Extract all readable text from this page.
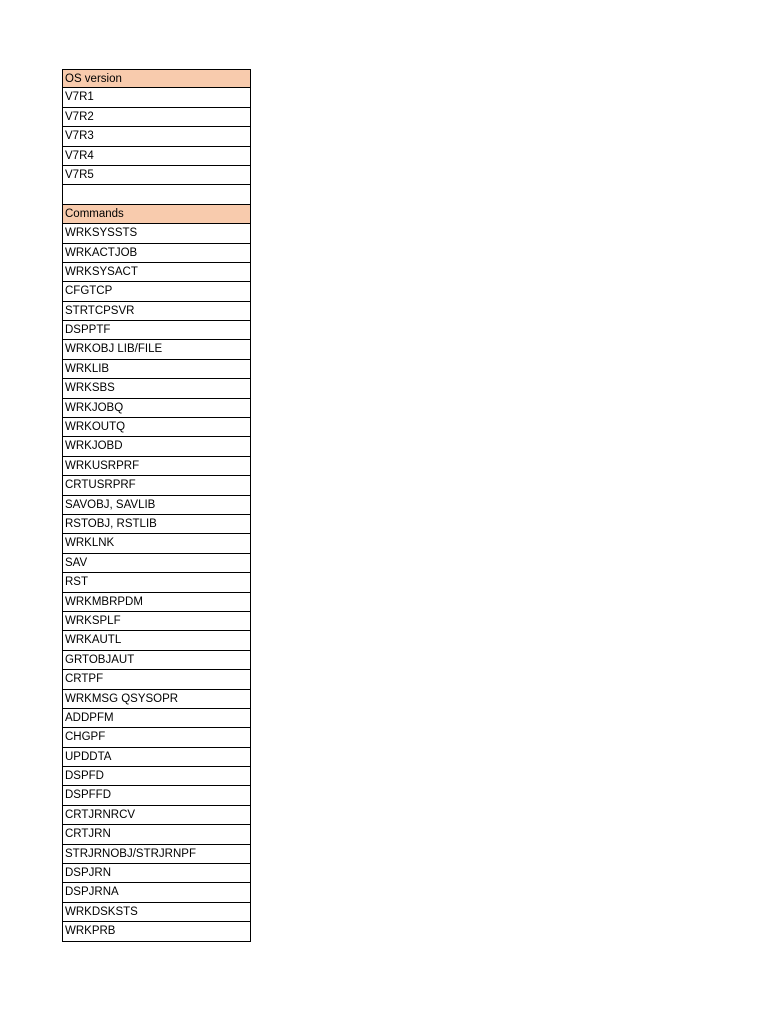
OS version
V7R1
V7R2
V7R3
V7R4
V7R5
Commands
WRKSYSSTS
WRKACTJOB
WRKSYSACT
CFGTCP
STRTCPSVR
DSPPTF
WRKOBJ LIB/FILE
WRKLIB
WRKSBS
WRKJOBQ
WRKOUTQ
WRKJOBD
WRKUSRPRF
CRTUSRPRF
SAVOBJ, SAVLIB
RSTOBJ, RSTLIB
WRKLNK
SAV
RST
WRKMBRPDM
WRKSPLF
WRKAUTL
GRTOBJAUT
CRTPF
WRKMSG QSYSOPR
ADDPFM
CHGPF
UPDDTA
DSPFD
DSPFFD
CRTJRNRCV
CRTJRN
STRJRNOBJ/STRJRNPF
DSPJRN
DSPJRNA
WRKDSKSTS
WRKPRB
